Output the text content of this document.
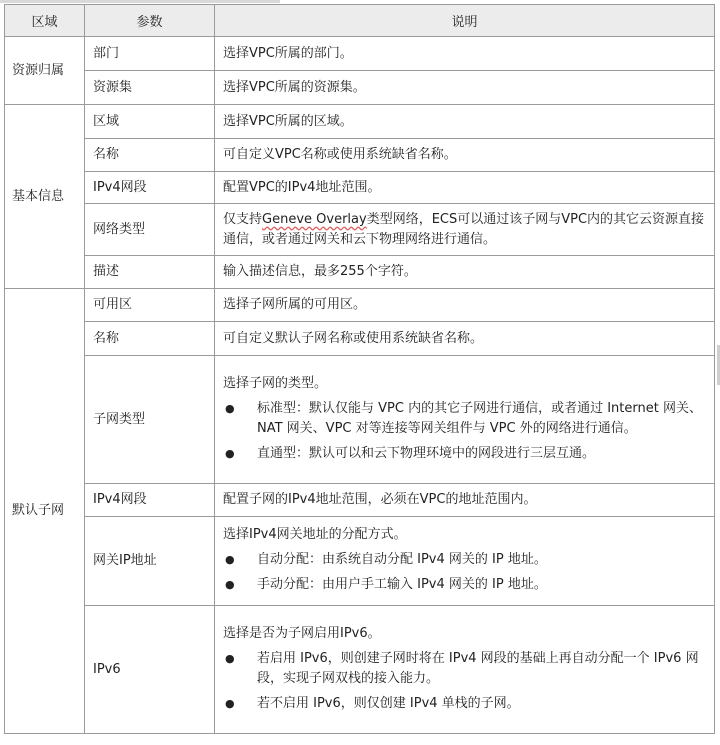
区域	参数	说明
资源归属	部门	选择VPC所属的部门。
	资源集	选择VPC所属的资源集。
基本信息	区域	选择VPC所属的区域。
	名称	可自定义VPC名称或使用系统缺省名称。
	IPv4网段	配置VPC的IPv4地址范围。
	网络类型	仅支持Geneve Overlay类型网络，ECS可以通过该子网与VPC内的其它云资源直接通信，或者通过网关和云下物理网络进行通信。
	描述	输入描述信息，最多255个字符。
默认子网	可用区	选择子网所属的可用区。
	名称	可自定义默认子网名称或使用系统缺省名称。
	子网类型	选择子网的类型。

● 标准型：默认仅能与 VPC 内的其它子网进行通信，或者通过 Internet 网关、NAT 网关、VPC 对等连接等网关组件与 VPC 外的网络进行通信。
● 直通型：默认可以和云下物理环境中的网段进行三层互通。

	IPv4网段	配置子网的IPv4地址范围，必须在VPC的地址范围内。
	网关IP地址	选择IPv4网关地址的分配方式。

● 自动分配：由系统自动分配 IPv4 网关的 IP 地址。
● 手动分配：由用户手工输入 IPv4 网关的 IP 地址。

	IPv6	选择是否为子网启用IPv6。

● 若启用 IPv6，则创建子网时将在 IPv4 网段的基础上再自动分配一个 IPv6 网段，实现子网双栈的接入能力。
● 若不启用 IPv6，则仅创建 IPv4 单栈的子网。
